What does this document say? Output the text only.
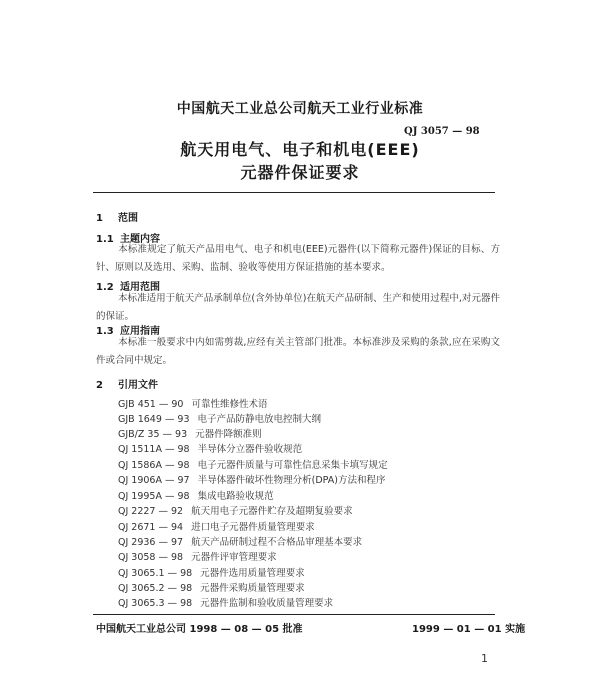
中国航天工业总公司航天工业行业标准
QJ 3057 — 98
航天用电气、电子和机电(EEE)
元器件保证要求
1 范围
1.1 主题内容
本标准规定了航天产品用电气、电子和机电(EEE)元器件(以下简称元器件)保证的目标、方针、原则以及选用、采购、监制、验收等使用方保证措施的基本要求。
1.2 适用范围
本标准适用于航天产品承制单位(含外协单位)在航天产品研制、生产和使用过程中,对元器件的保证。
1.3 应用指南
本标准一般要求中内如需剪裁,应经有关主管部门批准。本标准涉及采购的条款,应在采购文件或合同中规定。
2 引用文件
GJB 451 — 90 可靠性维修性术语
GJB 1649 — 93 电子产品防静电放电控制大纲
GJB/Z 35 — 93 元器件降额准则
QJ 1511A — 98 半导体分立器件验收规范
QJ 1586A — 98 电子元器件质量与可靠性信息采集卡填写规定
QJ 1906A — 97 半导体器件破坏性物理分析(DPA)方法和程序
QJ 1995A — 98 集成电路验收规范
QJ 2227 — 92 航天用电子元器件贮存及超期复验要求
QJ 2671 — 94 进口电子元器件质量管理要求
QJ 2936 — 97 航天产品研制过程不合格品审理基本要求
QJ 3058 — 98 元器件评审管理要求
QJ 3065.1 — 98 元器件选用质量管理要求
QJ 3065.2 — 98 元器件采购质量管理要求
QJ 3065.3 — 98 元器件监制和验收质量管理要求
中国航天工业总公司 1998 — 08 — 05 批准	1999 — 01 — 01 实施
1
